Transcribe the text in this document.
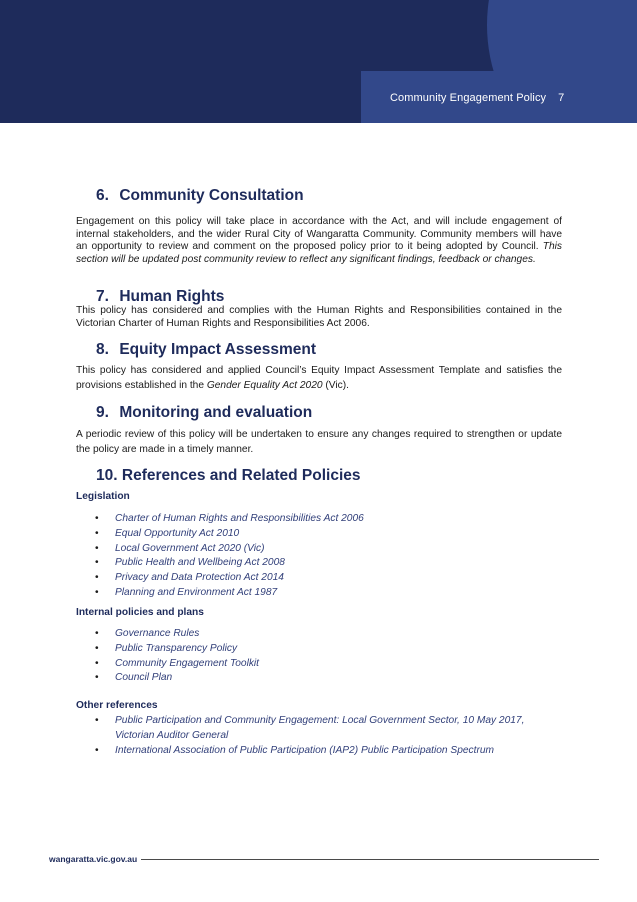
Community Engagement Policy 7
6. Community Consultation

Engagement on this policy will take place in accordance with the Act, and will include engagement of internal stakeholders, and the wider Rural City of Wangaratta Community. Community members will have an opportunity to review and comment on the proposed policy prior to it being adopted by Council. This section will be updated post community review to reflect any significant findings, feedback or changes.

7. Human Rights

This policy has considered and complies with the Human Rights and Responsibilities contained in the Victorian Charter of Human Rights and Responsibilities Act 2006.

8. Equity Impact Assessment

This policy has considered and applied Council’s Equity Impact Assessment Template and satisfies the provisions established in the Gender Equality Act 2020 (Vic).

9. Monitoring and evaluation

A periodic review of this policy will be undertaken to ensure any changes required to strengthen or update the policy are made in a timely manner.

10. References and Related Policies
Legislation
• Charter of Human Rights and Responsibilities Act 2006
• Equal Opportunity Act 2010
• Local Government Act 2020 (Vic)
• Public Health and Wellbeing Act 2008
• Privacy and Data Protection Act 2014
• Planning and Environment Act 1987
Internal policies and plans
• Governance Rules
• Public Transparency Policy
• Community Engagement Toolkit
• Council Plan
Other references
• Public Participation and Community Engagement: Local Government Sector, 10 May 2017, Victorian Auditor General
• International Association of Public Participation (IAP2) Public Participation Spectrum
wangaratta.vic.gov.au
